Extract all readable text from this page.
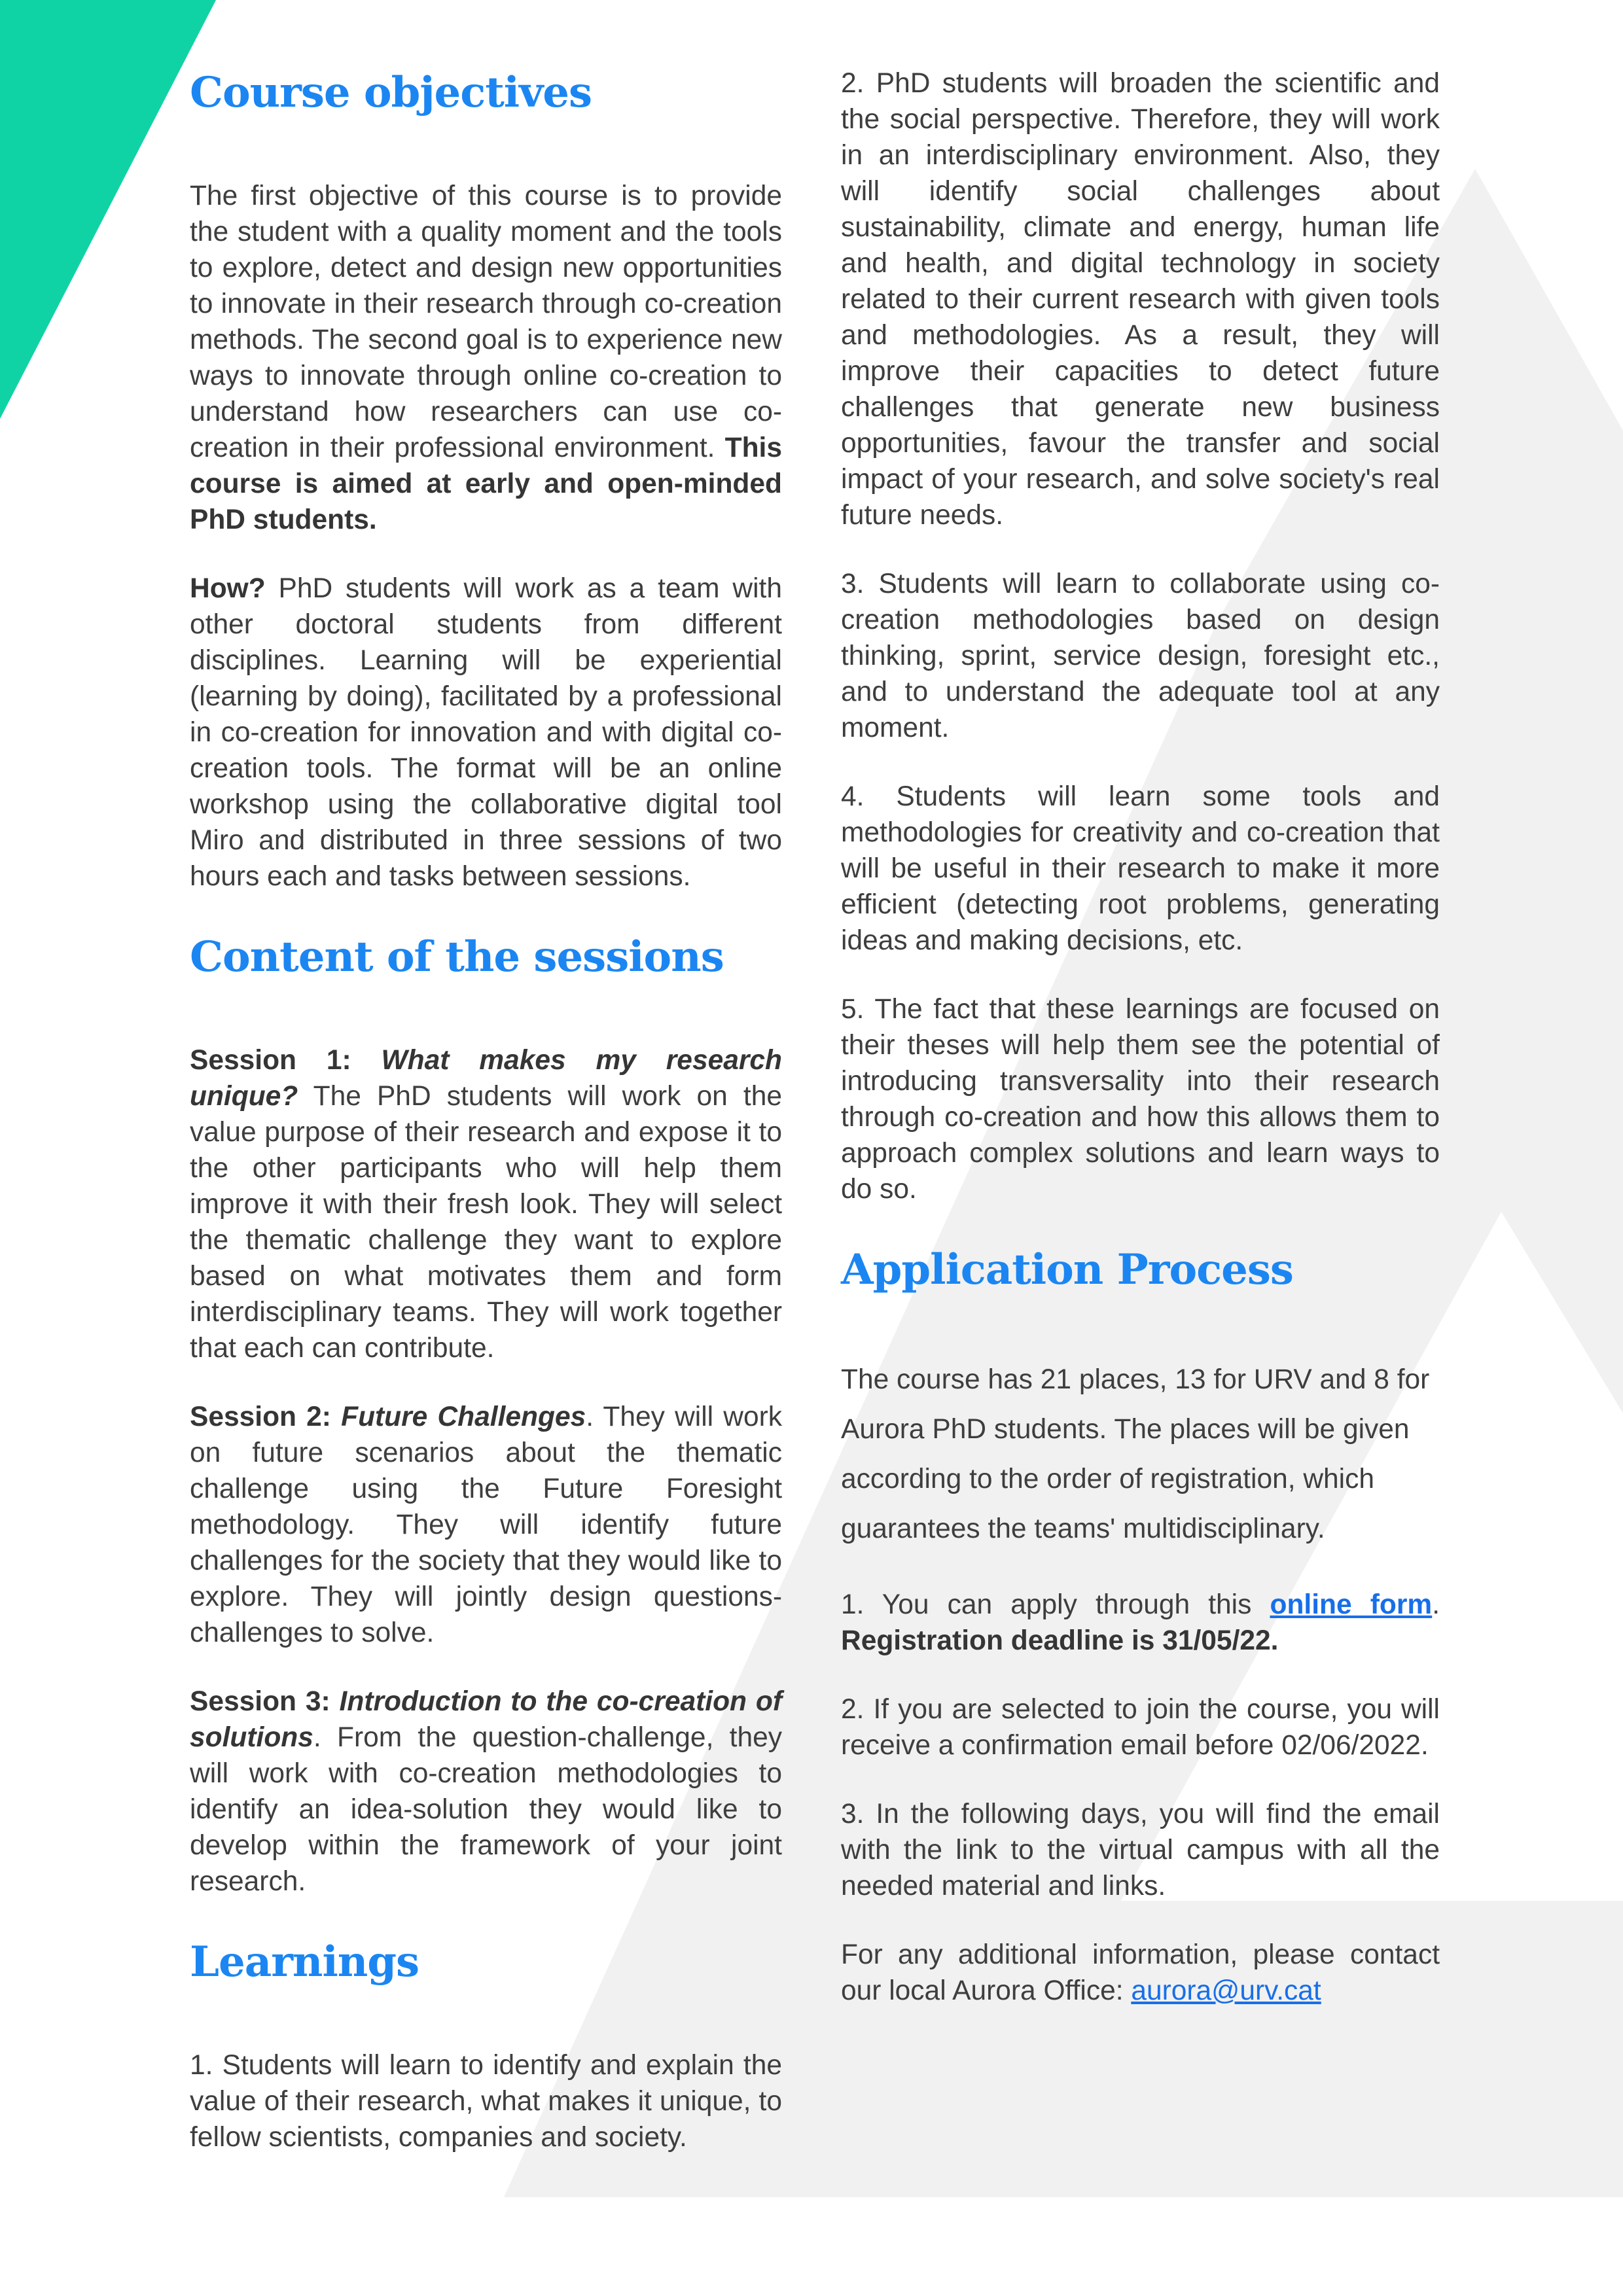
Course objectives

The first objective of this course is to provide the student with a quality moment and the tools to explore, detect and design new opportunities to innovate in their research through co-creation methods. The second goal is to experience new ways to innovate through online co-creation to understand how researchers can use co-creation in their professional environment. This course is aimed at early and open-minded PhD students.

How? PhD students will work as a team with other doctoral students from different disciplines. Learning will be experiential (learning by doing), facilitated by a professional in co-creation for innovation and with digital co-creation tools. The format will be an online workshop using the collaborative digital tool Miro and distributed in three sessions of two hours each and tasks between sessions.

Content of the sessions

Session 1: What makes my research unique? The PhD students will work on the value purpose of their research and expose it to the other participants who will help them improve it with their fresh look. They will select the thematic challenge they want to explore based on what motivates them and form interdisciplinary teams. They will work together that each can contribute.

Session 2: Future Challenges. They will work on future scenarios about the thematic challenge using the Future Foresight methodology. They will identify future challenges for the society that they would like to explore. They will jointly design questions-challenges to solve.

Session 3: Introduction to the co-creation of solutions. From the question-challenge, they will work with co-creation methodologies to identify an idea-solution they would like to develop within the framework of your joint research.

Learnings

1. Students will learn to identify and explain the value of their research, what makes it unique, to fellow scientists, companies and society.

2. PhD students will broaden the scientific and the social perspective. Therefore, they will work in an interdisciplinary environment. Also, they will identify social challenges about sustainability, climate and energy, human life and health, and digital technology in society related to their current research with given tools and methodologies. As a result, they will improve their capacities to detect future challenges that generate new business opportunities, favour the transfer and social impact of your research, and solve society's real future needs.

3. Students will learn to collaborate using co-creation methodologies based on design thinking, sprint, service design, foresight etc., and to understand the adequate tool at any moment.

4. Students will learn some tools and methodologies for creativity and co-creation that will be useful in their research to make it more efficient (detecting root problems, generating ideas and making decisions, etc.

5. The fact that these learnings are focused on their theses will help them see the potential of introducing transversality into their research through co-creation and how this allows them to approach complex solutions and learn ways to do so.

Application Process

The course has 21 places, 13 for URV and 8 for Aurora PhD students. The places will be given according to the order of registration, which guarantees the teams' multidisciplinary.

1. You can apply through this online form. Registration deadline is 31/05/22.

2. If you are selected to join the course, you will receive a confirmation email before 02/06/2022.

3. In the following days, you will find the email with the link to the virtual campus with all the needed material and links.

For any additional information, please contact our local Aurora Office: aurora@urv.cat
